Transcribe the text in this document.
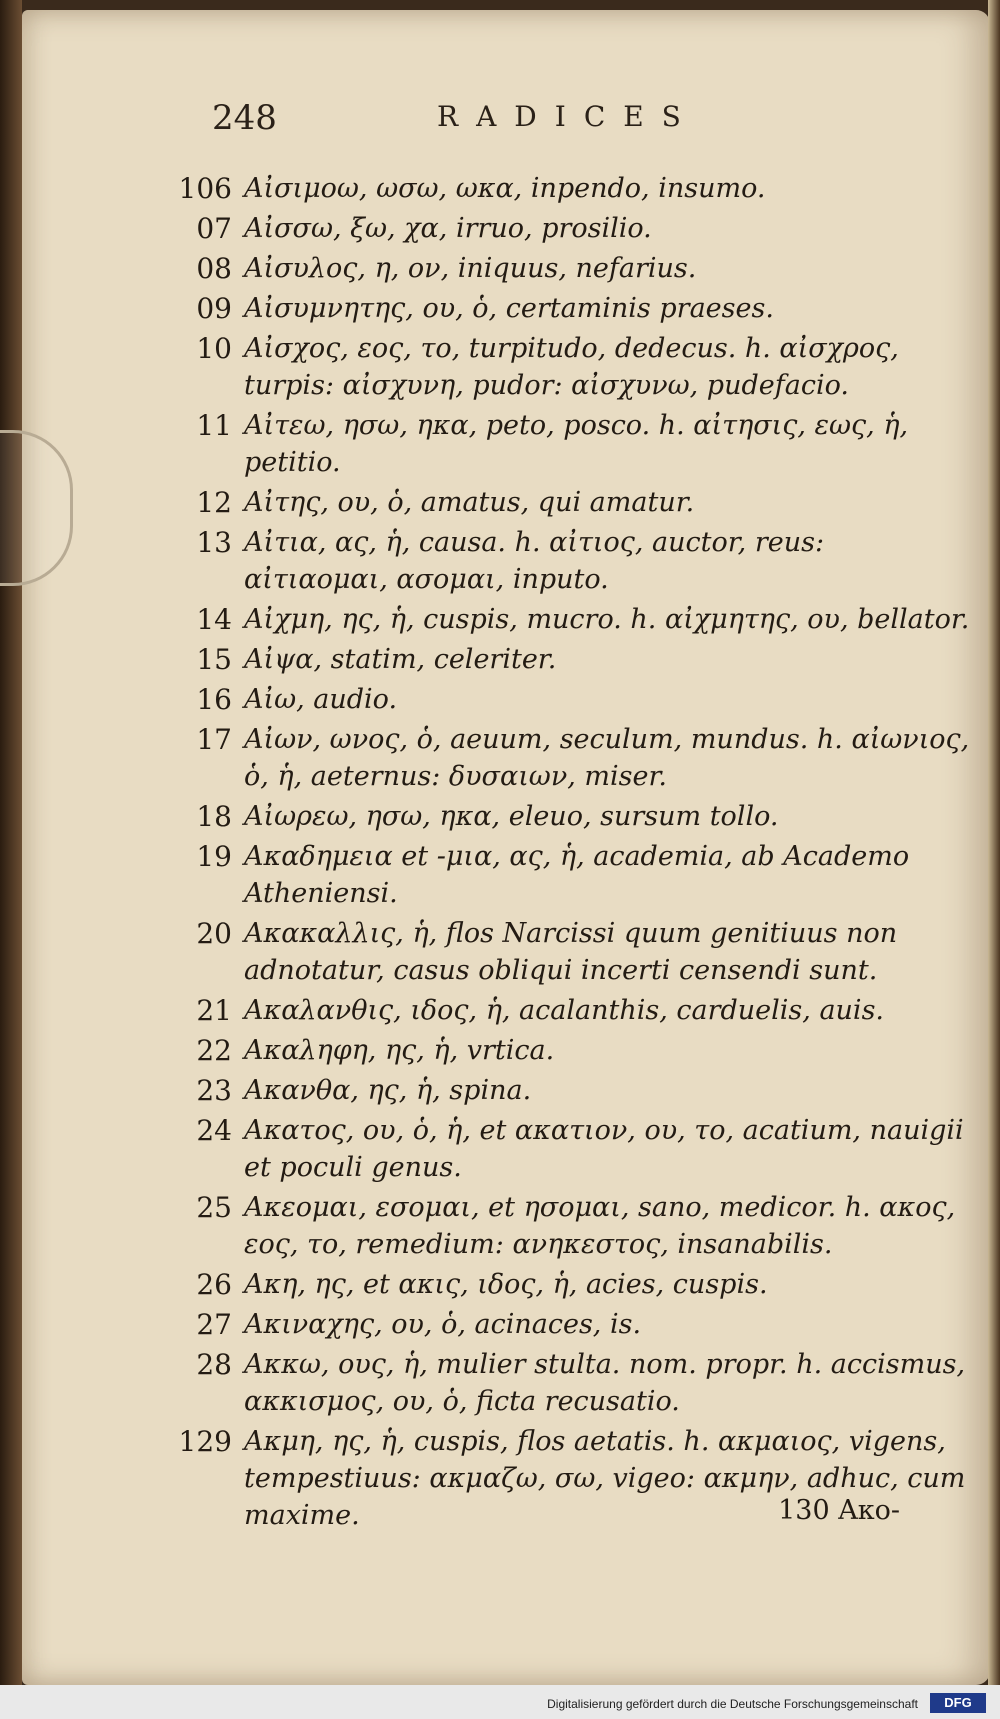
248	RADICES
106 Αἰσιμοω, ωσω, ωκα, inpendo, insumo.
07 Αἰσσω, ξω, χα, irruo, prosilio.
08 Αἰσυλος, η, ον, iniquus, nefarius.
09 Αἰσυμνητης, ου, ὁ, certaminis praeses.
10 Αἰσχος, εος, το, turpitudo, dedecus. h. αἰσχρος, turpis: αἰσχυνη, pudor: αἰσχυνω, pudefacio.
11 Αἰτεω, ησω, ηκα, peto, posco. h. αἰτησις, εως, ἡ, petitio.
12 Αἰτης, ου, ὁ, amatus, qui amatur.
13 Αἰτια, ας, ἡ, causa. h. αἰτιος, auctor, reus: αἰτιαομαι, ασομαι, inputo.
14 Αἰχμη, ης, ἡ, cuspis, mucro. h. αἰχμητης, ου, bellator.
15 Αἰψα, statim, celeriter.
16 Αἰω, audio.
17 Αἰων, ωνος, ὁ, aeuum, seculum, mundus. h. αἰωνιος, ὁ, ἡ, aeternus: δυσαιων, miser.
18 Αἰωρεω, ησω, ηκα, eleuo, sursum tollo.
19 Ακαδημεια et -μια, ας, ἡ, academia, ab Academo Atheniensi.
20 Ακακαλλις, ἡ, flos Narcissi quum genitiuus non adnotatur, casus obliqui incerti censendi sunt.
21 Ακαλανθις, ιδος, ἡ, acalanthis, carduelis, auis.
22 Ακαληφη, ης, ἡ, vrtica.
23 Ακανθα, ης, ἡ, spina.
24 Ακατος, ου, ὁ, ἡ, et ακατιον, ου, το, acatium, nauigii et poculi genus.
25 Ακεομαι, εσομαι, et ησομαι, sano, medicor. h. ακος, εος, το, remedium: ανηκεστος, insanabilis.
26 Ακη, ης, et ακις, ιδος, ἡ, acies, cuspis.
27 Ακιναχης, ου, ὁ, acinaces, is.
28 Ακκω, ους, ἡ, mulier stulta. nom. propr. h. accismus, ακκισμος, ου, ὁ, ficta recusatio.
129 Ακμη, ης, ἡ, cuspis, flos aetatis. h. ακμαιος, vigens, tempestiuus: ακμαζω, σω, vigeo: ακμην, adhuc, cum maxime.	130 Ακο-
Digitalisierung gefördert durch die Deutsche Forschungsgemeinschaft	DFG
